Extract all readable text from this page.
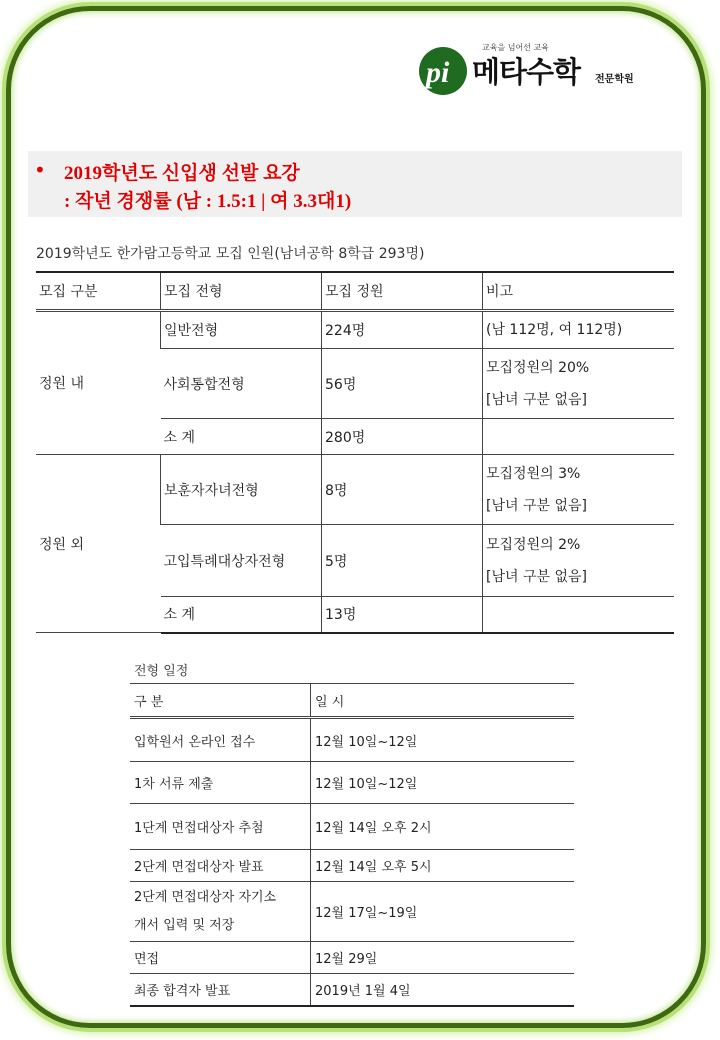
pi
교육을 넘어선 교육
메타수학 전문학원
• 2019학년도 신입생 선발 요강
: 작년 경쟁률 (남 : 1.5:1 | 여 3.3대1)
2019학년도 한가람고등학교 모집 인원(남녀공학 8학급 293명)
모집 구분	모집 전형	모집 정원	비고
정원 내	일반전형	224명	(남 112명, 여 112명)

	사회통합전형	56명	모집정원의 20%
[남녀 구분 없음]

	소 계	280명	
정원 외	보훈자자녀전형	8명	모집정원의 3%
[남녀 구분 없음]

	고입특례대상자전형	5명	모집정원의 2%
[남녀 구분 없음]

	소 계	13명	
전형 일정
구 분	일 시
입학원서 온라인 접수	12월 10일~12일
1차 서류 제출	12월 10일~12일
1단계 면접대상자 추첨	12월 14일 오후 2시
2단계 면접대상자 발표	12월 14일 오후 5시

2단계 면접대상자 자기소
개서 입력 및 저장	12월 17일~19일
면접	12월 29일
최종 합격자 발표	2019년 1월 4일
